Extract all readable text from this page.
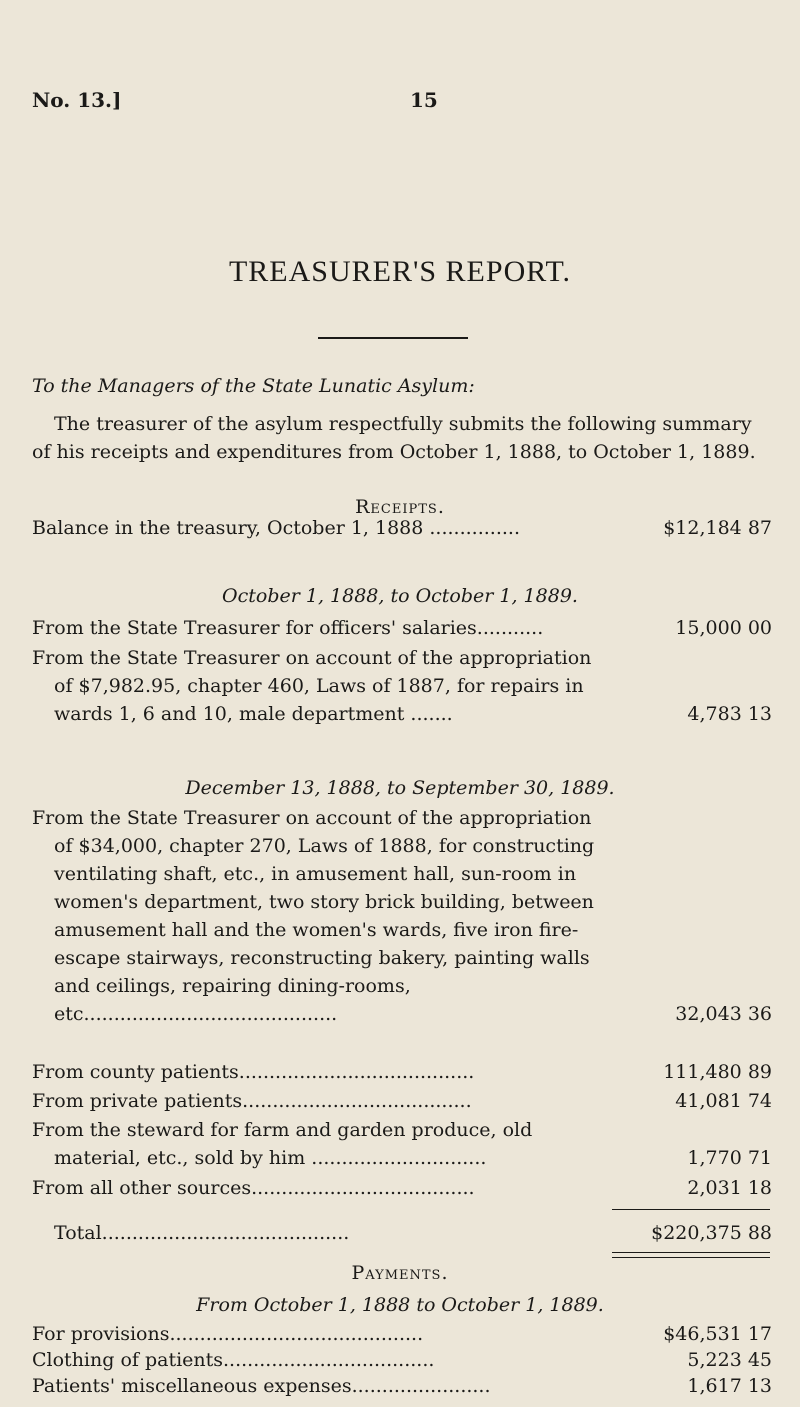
No. 13.]	15
TREASURER'S REPORT.
To the Managers of the State Lunatic Asylum:
The treasurer of the asylum respectfully submits the following summary of his receipts and expenditures from October 1, 1888, to October 1, 1889.
Receipts.
Balance in the treasury, October 1, 1888 ...............	$12,184 87
October 1, 1888, to October 1, 1889.
From the State Treasurer for officers' salaries...........	15,000 00
From the State Treasurer on account of the appropriation of $7,982.95, chapter 460, Laws of 1887, for repairs in wards 1, 6 and 10, male department .......	4,783 13
December 13, 1888, to September 30, 1889.
From the State Treasurer on account of the appropriation of $34,000, chapter 270, Laws of 1888, for constructing ventilating shaft, etc., in amusement hall, sun-room in women's department, two story brick building, between amusement hall and the women's wards, five iron fire-escape stairways, reconstructing bakery, painting walls and ceilings, repairing dining-rooms, etc..........................................	32,043 36
From county patients.......................................	111,480 89
From private patients......................................	41,081 74
From the steward for farm and garden produce, old material, etc., sold by him .............................	1,770 71
From all other sources.....................................	2,031 18
Total.........................................	$220,375 88
Payments.
From October 1, 1888 to October 1, 1889.
For provisions..........................................	$46,531 17
Clothing of patients...................................	5,223 45
Patients' miscellaneous expenses.......................	1,617 13
